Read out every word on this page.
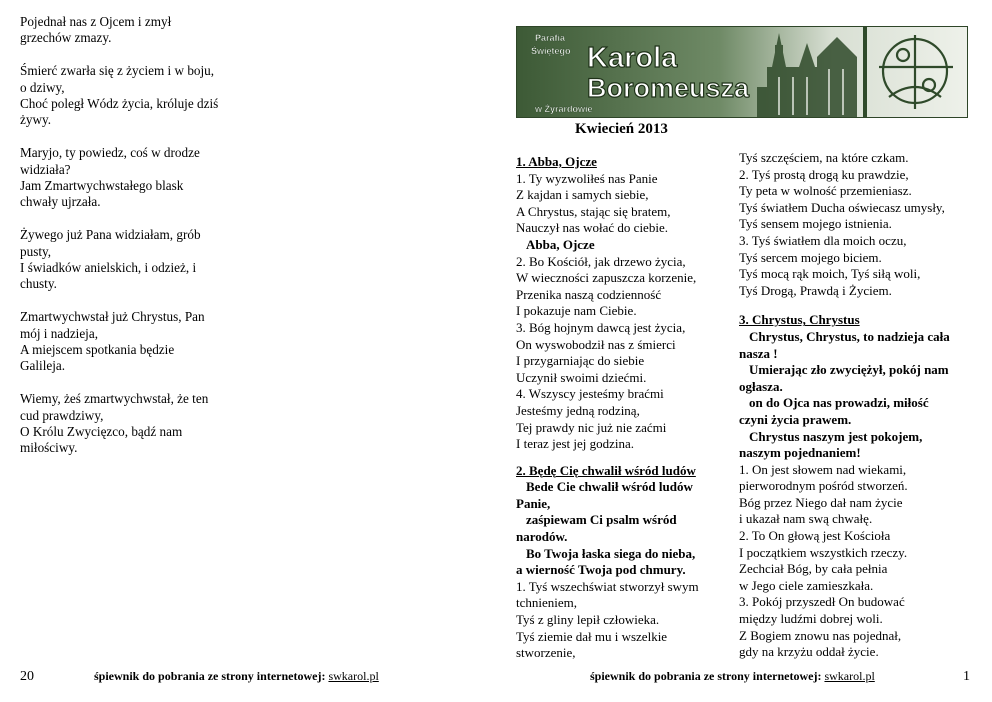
Pojednał nas z Ojcem i zmył
grzechów zmazy.
Śmierć zwarła się z życiem i w boju,
o dziwy,
Choć poległ Wódz życia, króluje dziś
żywy.
Maryjo, ty powiedz, coś w drodze
widziała?
Jam Zmartwychwstałego blask
chwały ujrzała.
Żywego już Pana widziałam, grób
pusty,
I świadków anielskich, i odzież, i
chusty.
Zmartwychwstał już Chrystus, Pan
mój i nadzieja,
A miejscem spotkania będzie
Galileja.
Wiemy, żeś zmartwychwstał, że ten
cud prawdziwy,
O Królu Zwycięzco, bądź nam
miłościwy.
20	śpiewnik do pobrania ze strony internetowej: swkarol.pl
Parafia
Świętego Karola
Boromeusza
w Żyrardowie
Kwiecień 2013
1. Abba, Ojcze
1. Ty wyzwoliłeś nas Panie
Z kajdan i samych siebie,
A Chrystus, stając się bratem,
Nauczył nas wołać do ciebie.
Abba, Ojcze
2. Bo Kościół, jak drzewo życia,
W wieczności zapuszcza korzenie,
Przenika naszą codzienność
I pokazuje nam Ciebie.
3. Bóg hojnym dawcą jest życia,
On wyswobodził nas z śmierci
I przygarniając do siebie
Uczynił swoimi dziećmi.
4. Wszyscy jesteśmy braćmi
Jesteśmy jedną rodziną,
Tej prawdy nic już nie zaćmi
I teraz jest jej godzina.
2. Będę Cię chwalił wśród ludów
Bede Cie chwalił wśród ludów
Panie,
zaśpiewam Ci psalm wśród
narodów.
Bo Twoja łaska siega do nieba,
a wierność Twoja pod chmury.
1. Tyś wszechświat stworzył swym
tchnieniem,
Tyś z gliny lepił człowieka.
Tyś ziemie dał mu i wszelkie
stworzenie,
Tyś szczęściem, na które czkam.
2. Tyś prostą drogą ku prawdzie,
Ty peta w wolność przemieniasz.
Tyś światłem Ducha oświecasz umysły,
Tyś sensem mojego istnienia.
3. Tyś światłem dla moich oczu,
Tyś sercem mojego biciem.
Tyś mocą rąk moich, Tyś siłą woli,
Tyś Drogą, Prawdą i Życiem.
3. Chrystus, Chrystus
Chrystus, Chrystus, to nadzieja cała
nasza !
Umierając zło zwyciężył, pokój nam
ogłasza.
on do Ojca nas prowadzi, miłość
czyni życia prawem.
Chrystus naszym jest pokojem,
naszym pojednaniem!
1. On jest słowem nad wiekami,
pierworodnym pośród stworzeń.
Bóg przez Niego dał nam życie
i ukazał nam swą chwałę.
2. To On głową jest Kościoła
I początkiem wszystkich rzeczy.
Zechciał Bóg, by cała pełnia
w Jego ciele zamieszkała.
3. Pokój przyszedł On budować
między ludźmi dobrej woli.
Z Bogiem znowu nas pojednał,
gdy na krzyżu oddał życie.
śpiewnik do pobrania ze strony internetowej: swkarol.pl	1
